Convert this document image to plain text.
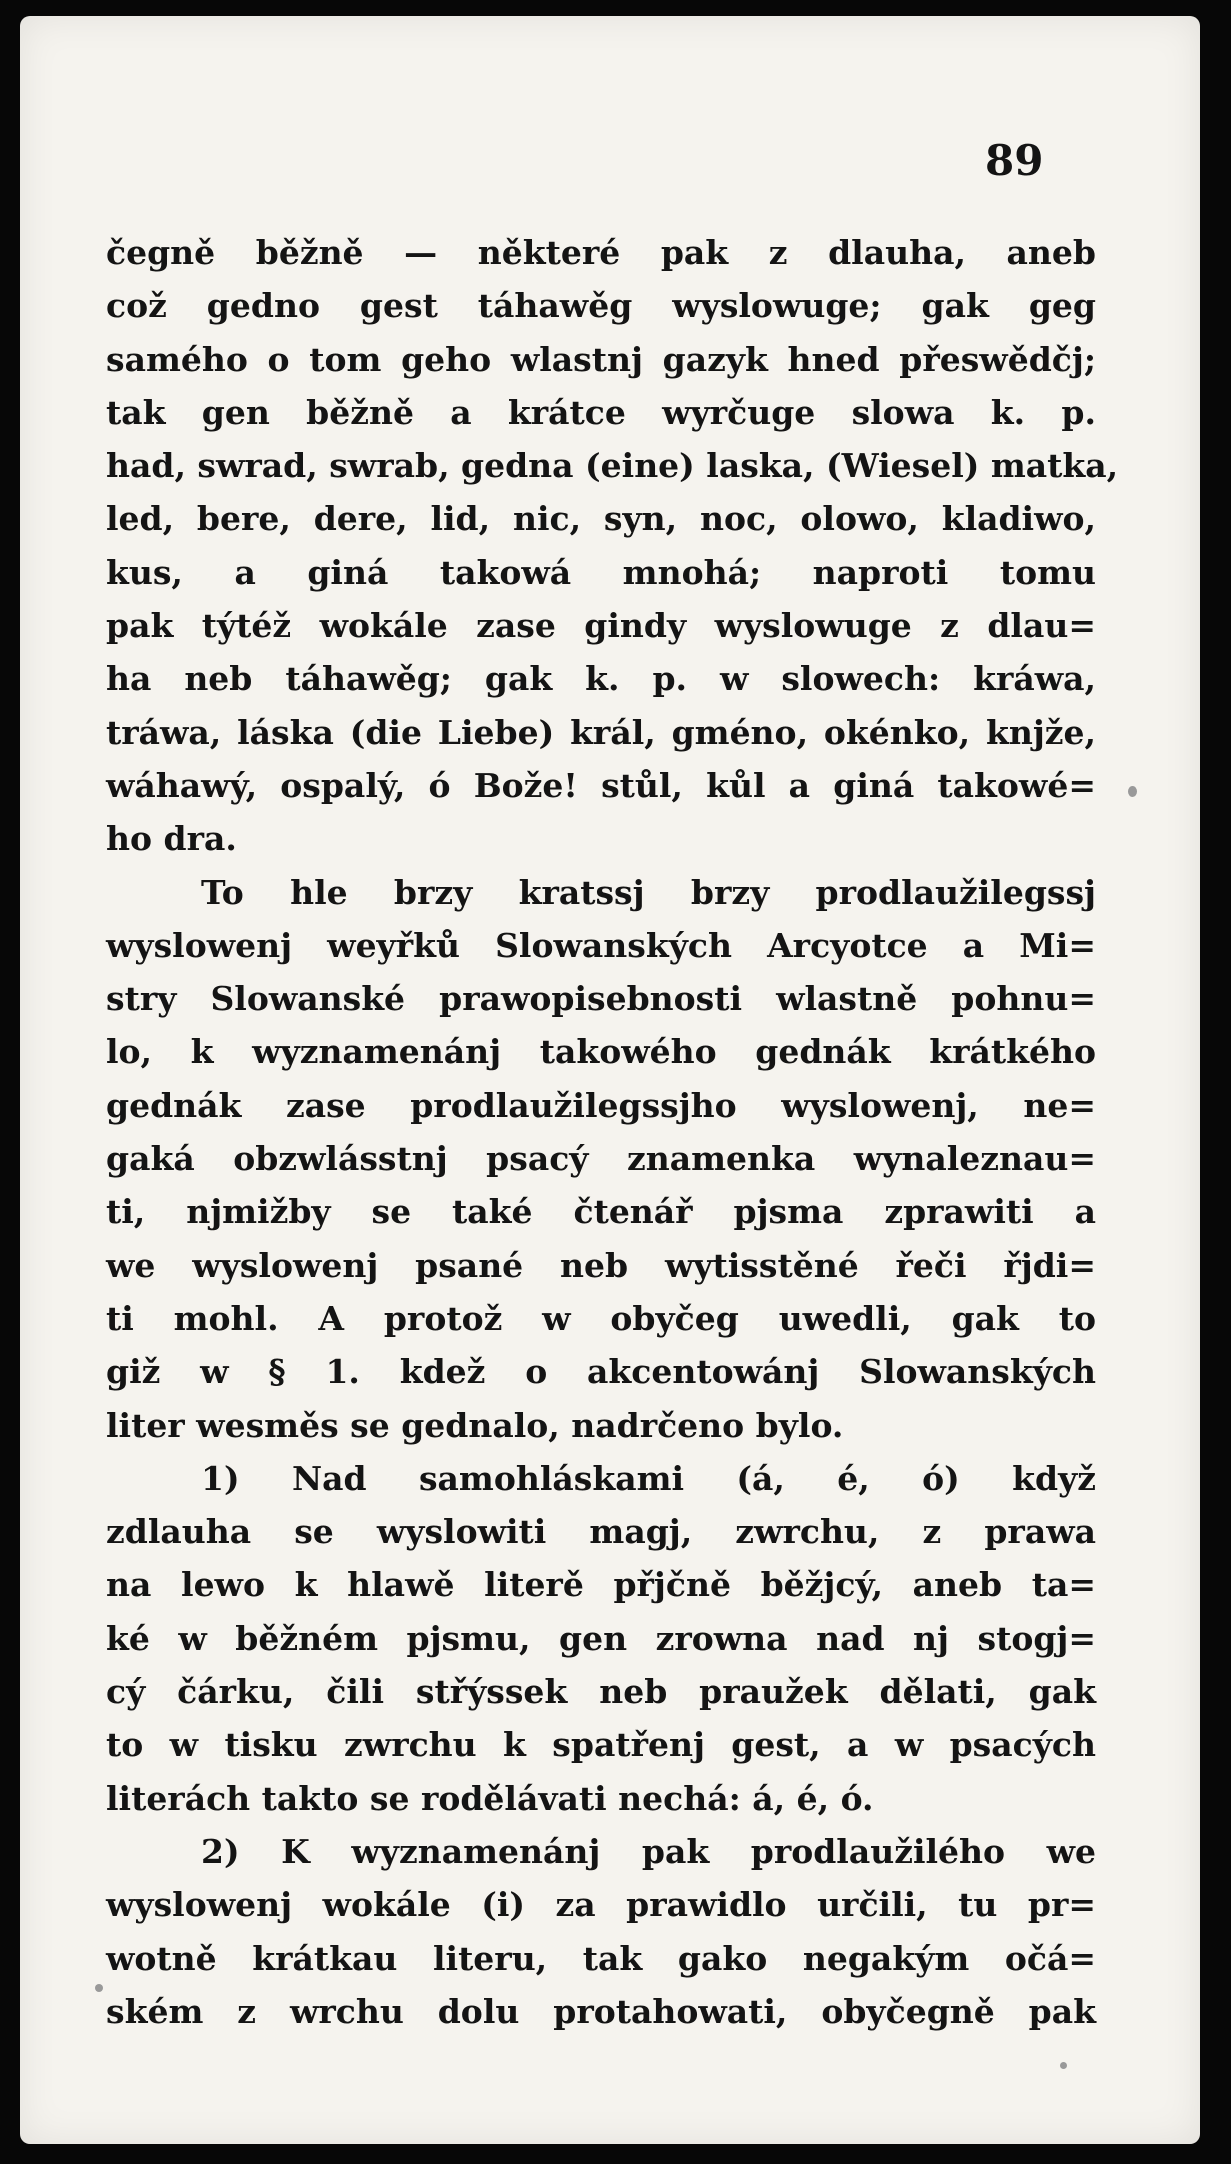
89
čegně běžně — některé pak z dlauha, aneb
což gedno gest táhawěg wyslowuge; gak geg
samého o tom geho wlastnj gazyk hned přeswědčj;
tak gen běžně a krátce wyrčuge slowa k. p.
had, swrad, swrab, gedna (eine) laska, (Wiesel) matka,
led, bere, dere, lid, nic, syn, noc, olowo, kladiwo,
kus, a giná takowá mnohá; naproti tomu
pak týtéž wokále zase gindy wyslowuge z dlau=
ha neb táhawěg; gak k. p. w slowech: kráwa,
tráwa, láska (die Liebe) král, gméno, okénko, knjže,
wáhawý, ospalý, ó Bože! stůl, kůl a giná takowé=
ho dra.
To hle brzy kratssj brzy prodlaužilegssj
wyslowenj weyřků Slowanských Arcyotce a Mi=
stry Slowanské prawopisebnosti wlastně pohnu=
lo, k wyznamenánj takowého gednák krátkého
gednák zase prodlaužilegssjho wyslowenj, ne=
gaká obzwlásstnj psacý znamenka wynaleznau=
ti, njmižby se také čtenář pjsma zprawiti a
we wyslowenj psané neb wytisstěné řeči řjdi=
ti mohl. A protož w obyčeg uwedli, gak to
giž w § 1. kdež o akcentowánj Slowanských
liter wesměs se gednalo, nadrčeno bylo.
1) Nad samohláskami (á, é, ó) když
zdlauha se wyslowiti magj, zwrchu, z prawa
na lewo k hlawě literě přjčně běžjcý, aneb ta=
ké w běžném pjsmu, gen zrowna nad nj stogj=
cý čárku, čili střýssek neb praužek dělati, gak
to w tisku zwrchu k spatřenj gest, a w psacých
literách takto se rodělávati nechá: á, é, ó.
2) K wyznamenánj pak prodlaužilého we
wyslowenj wokále (i) za prawidlo určili, tu pr=
wotně krátkau literu, tak gako negakým očá=
ském z wrchu dolu protahowati, obyčegně pak
